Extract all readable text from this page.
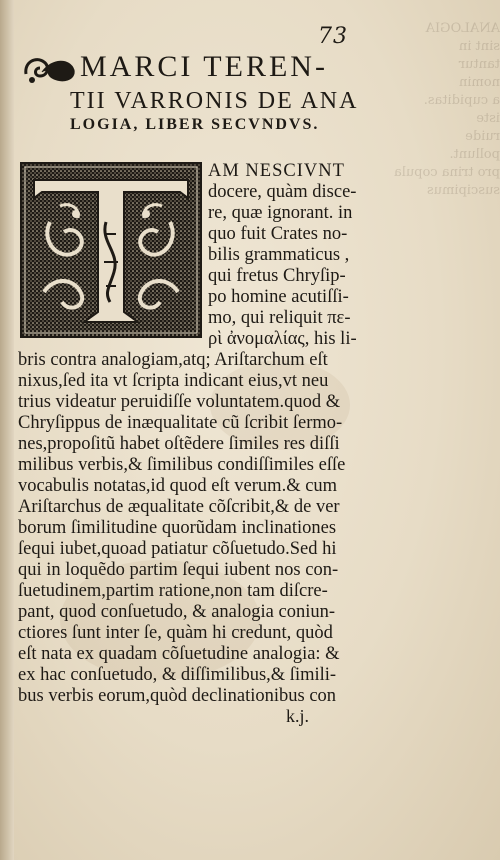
ANALOGIA
sint in
tantur
nomin
a cupiditas.
iste
ruide
pollunt.
pro trina copula
suscipimus
73
MARCI TEREN-
TII VARRONIS DE ANA
LOGIA, LIBER SECVNDVS.
AM NESCIVNT
docere, quàm disce-
re, quæ ignorant. in
quo fuit Crates no-
bilis grammaticus ,
qui fretus Chryſip-
po homine acutiſſi-
mo, qui reliquit πε-
ρὶ ἀνομαλίας, his li-
bris contra analogiam,atq; Ariſtarchum eſt
nixus,ſed ita vt ſcripta indicant eius,vt neu
trius videatur peruidiſſe voluntatem.quod &
Chryſippus de inæqualitate cũ ſcribit ſermo-
nes,propoſitũ habet oſtẽdere ſimiles res diſſi
milibus verbis,& ſimilibus condiſſimiles eſſe
vocabulis notatas,id quod eſt verum.& cum
Ariſtarchus de æqualitate cõſcribit,& de ver
borum ſimilitudine quorũdam inclinationes
ſequi iubet,quoad patiatur cõſuetudo.Sed hi
qui in loquẽdo partim ſequi iubent nos con-
ſuetudinem,partim ratione,non tam diſcre-
pant, quod conſuetudo, & analogia coniun-
ctiores ſunt inter ſe, quàm hi credunt, quòd
eſt nata ex quadam cõſuetudine analogia: &
ex hac conſuetudo, & diſſimilibus,& ſimili-
bus verbis eorum,quòd declinationibus con
k.j.
